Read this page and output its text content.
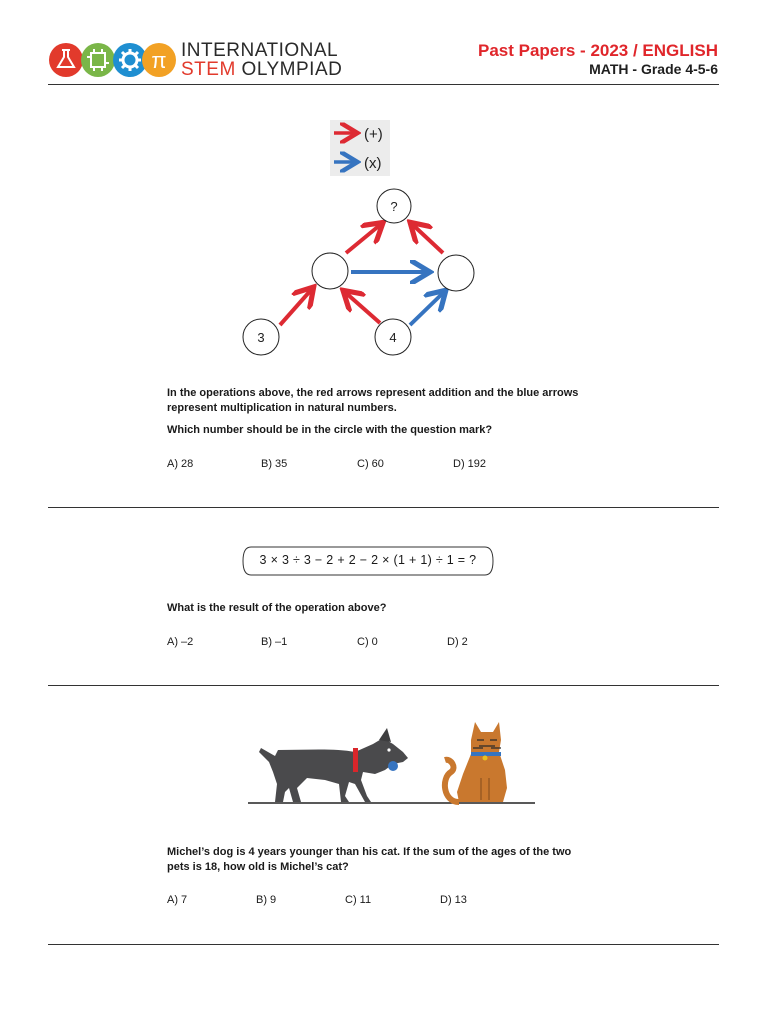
π INTERNATIONAL
STEM OLYMPIAD
Past Papers - 2023 / ENGLISH
MATH - Grade 4-5-6
(+)
(x)
?
3	4
In the operations above, the red arrows represent addition and the blue arrows
represent multiplication in natural numbers.
Which number should be in the circle with the question mark?
A) 28	B) 35	C) 60	D) 192
3 × 3 ÷ 3 − 2 + 2 − 2 × (1 + 1) ÷ 1 = ?
What is the result of the operation above?
A) –2	B) –1	C) 0	D) 2
Michel’s dog is 4 years younger than his cat. If the sum of the ages of the two
pets is 18, how old is Michel’s cat?
A) 7	B) 9	C) 11	D) 13
